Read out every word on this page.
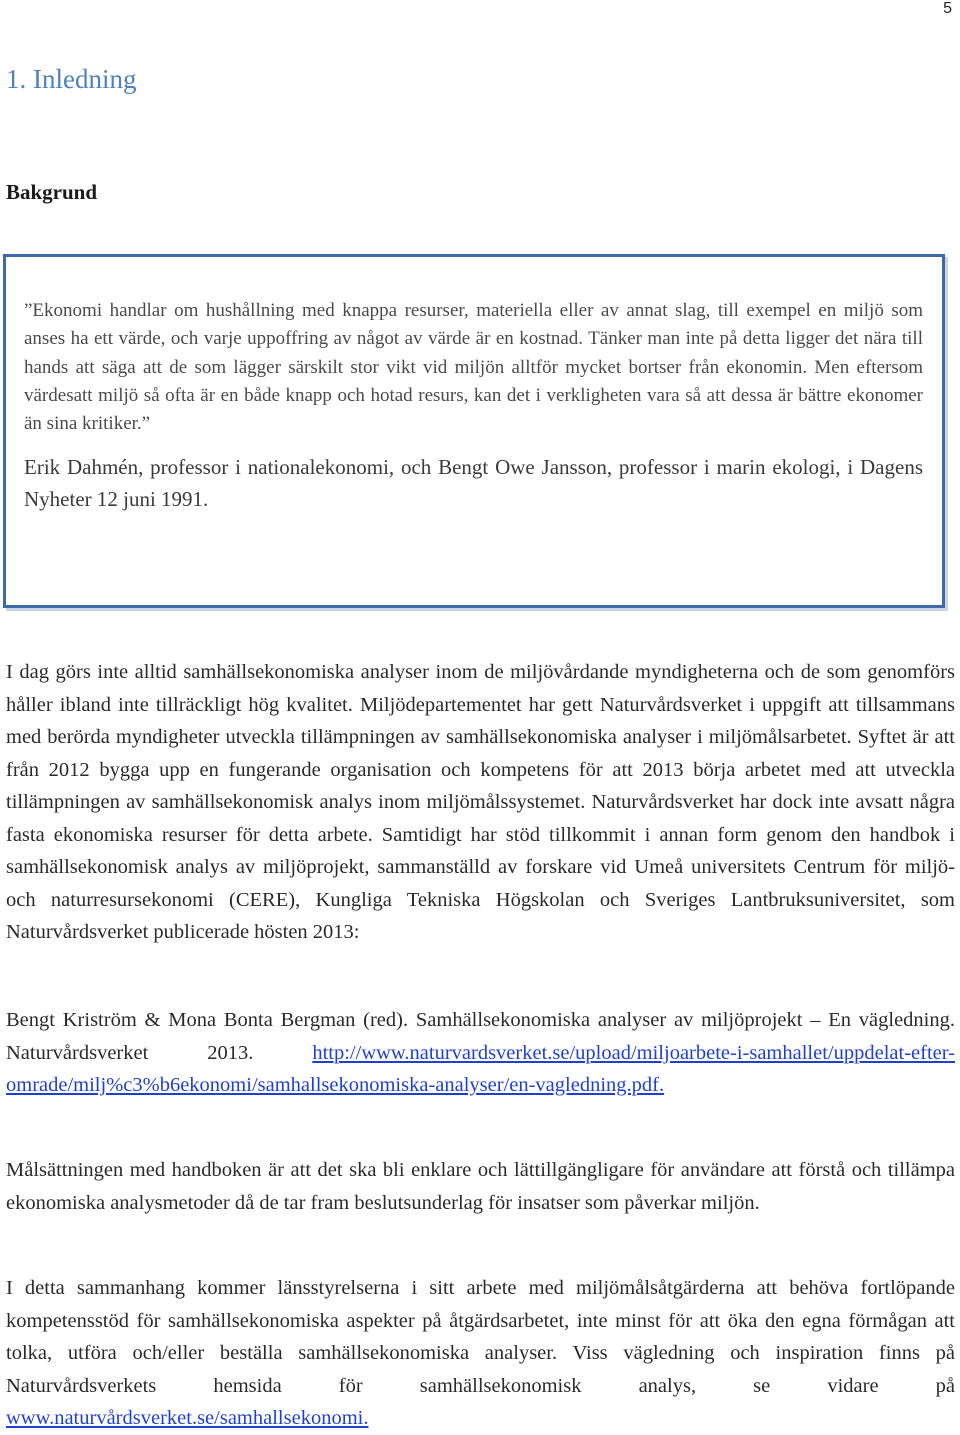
5
1. Inledning
Bakgrund

”Ekonomi handlar om hushållning med knappa resurser, materiella eller av annat slag, till exempel en miljö som anses ha ett värde, och varje uppoffring av något av värde är en kostnad. Tänker man inte på detta ligger det nära till hands att säga att de som lägger särskilt stor vikt vid miljön alltför mycket bortser från ekonomin. Men eftersom värdesatt miljö så ofta är en både knapp och hotad resurs, kan det i verkligheten vara så att dessa är bättre ekonomer än sina kritiker.”

Erik Dahmén, professor i nationalekonomi, och Bengt Owe Jansson, professor i marin ekologi, i Dagens Nyheter 12 juni 1991.

I dag görs inte alltid samhällsekonomiska analyser inom de miljövårdande myndigheterna och de som genomförs håller ibland inte tillräckligt hög kvalitet. Miljödepartementet har gett Naturvårdsverket i uppgift att tillsammans med berörda myndigheter utveckla tillämpningen av samhällsekonomiska analyser i miljömålsarbetet. Syftet är att från 2012 bygga upp en fungerande organisation och kompetens för att 2013 börja arbetet med att utveckla tillämpningen av samhällsekonomisk analys inom miljömålssystemet. Naturvårdsverket har dock inte avsatt några fasta ekonomiska resurser för detta arbete. Samtidigt har stöd tillkommit i annan form genom den handbok i samhällsekonomisk analys av miljöprojekt, sammanställd av forskare vid Umeå universitets Centrum för miljö- och naturresursekonomi (CERE), Kungliga Tekniska Högskolan och Sveriges Lantbruksuniversitet, som Naturvårdsverket publicerade hösten 2013:

Bengt Kriström & Mona Bonta Bergman (red). Samhällsekonomiska analyser av miljöprojekt – En vägledning. Naturvårdsverket 2013. http://www.naturvardsverket.se/upload/miljoarbete-i-samhallet/uppdelat-efter-omrade/milj%c3%b6ekonomi/samhallsekonomiska-analyser/en-vagledning.pdf.

Målsättningen med handboken är att det ska bli enklare och lättillgängligare för användare att förstå och tillämpa ekonomiska analysmetoder då de tar fram beslutsunderlag för insatser som påverkar miljön.

I detta sammanhang kommer länsstyrelserna i sitt arbete med miljömålsåtgärderna att behöva fortlöpande kompetensstöd för samhällsekonomiska aspekter på åtgärdsarbetet, inte minst för att öka den egna förmågan att tolka, utföra och/eller beställa samhällsekonomiska analyser. Viss vägledning och inspiration finns på Naturvårdsverkets hemsida för samhällsekonomisk analys, se vidare på www.naturvårdsverket.se/samhallsekonomi.
